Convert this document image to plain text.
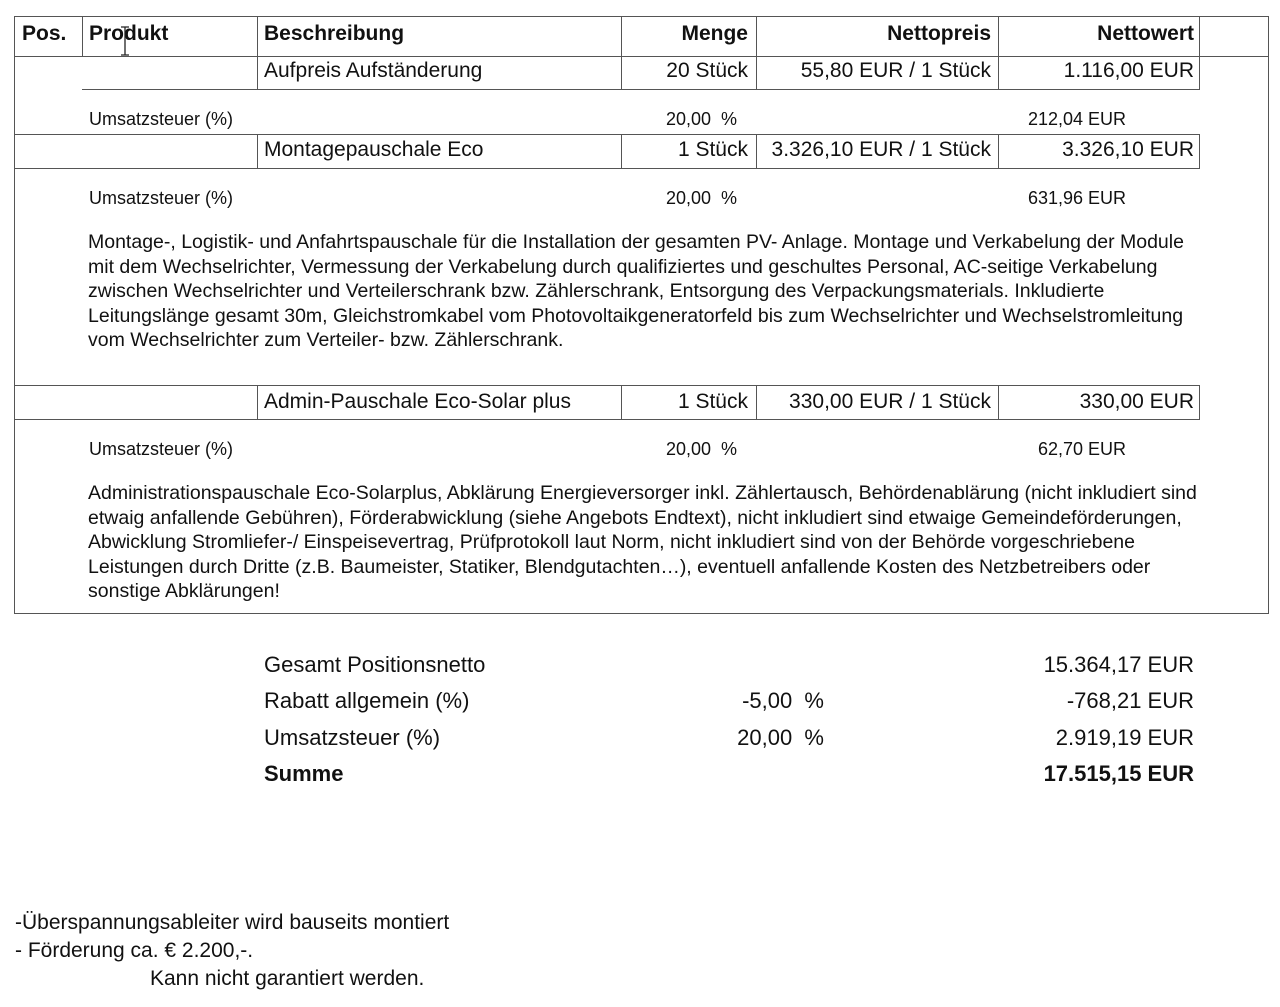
Pos. Produkt	Beschreibung	Menge	Nettopreis	Nettowert
Aufpreis Aufständerung	20 Stück	55,80 EUR / 1 Stück	1.116,00 EUR
Umsatzsteuer (%)	20,00  %	212,04 EUR
Montagepauschale Eco	1 Stück 3.326,10 EUR / 1 Stück	3.326,10 EUR
Umsatzsteuer (%)	20,00  %	631,96 EUR
Montage-, Logistik- und Anfahrtspauschale für die Installation der gesamten PV- Anlage. Montage und Verkabelung der Module mit dem Wechselrichter, Vermessung der Verkabelung durch qualifiziertes und geschultes Personal, AC-seitige Verkabelung zwischen Wechselrichter und Verteilerschrank bzw. Zählerschrank, Entsorgung des Verpackungsmaterials. Inkludierte Leitungslänge gesamt 30m, Gleichstromkabel vom Photovoltaikgeneratorfeld bis zum Wechselrichter und Wechselstromleitung vom Wechselrichter zum Verteiler- bzw. Zählerschrank.
Admin-Pauschale Eco-Solar plus	1 Stück 330,00 EUR / 1 Stück	330,00 EUR
Umsatzsteuer (%)	20,00  %	62,70 EUR
Administrationspauschale Eco-Solarplus, Abklärung Energieversorger inkl. Zählertausch, Behördenablärung (nicht inkludiert sind etwaig anfallende Gebühren), Förderabwicklung (siehe Angebots Endtext), nicht inkludiert sind etwaige Gemeindeförderungen, Abwicklung Stromliefer-/ Einspeisevertrag, Prüfprotokoll laut Norm, nicht inkludiert sind von der Behörde vorgeschriebene Leistungen durch Dritte (z.B. Baumeister, Statiker, Blendgutachten…), eventuell anfallende Kosten des Netzbetreibers oder sonstige Abklärungen!
Gesamt Positionsnetto	15.364,17 EUR
Rabatt allgemein (%)	-5,00  %	-768,21 EUR
Umsatzsteuer (%)	20,00  %	2.919,19 EUR
Summe	17.515,15 EUR
-Überspannungsableiter wird bauseits montiert
- Förderung ca. € 2.200,-.
Kann nicht garantiert werden.
